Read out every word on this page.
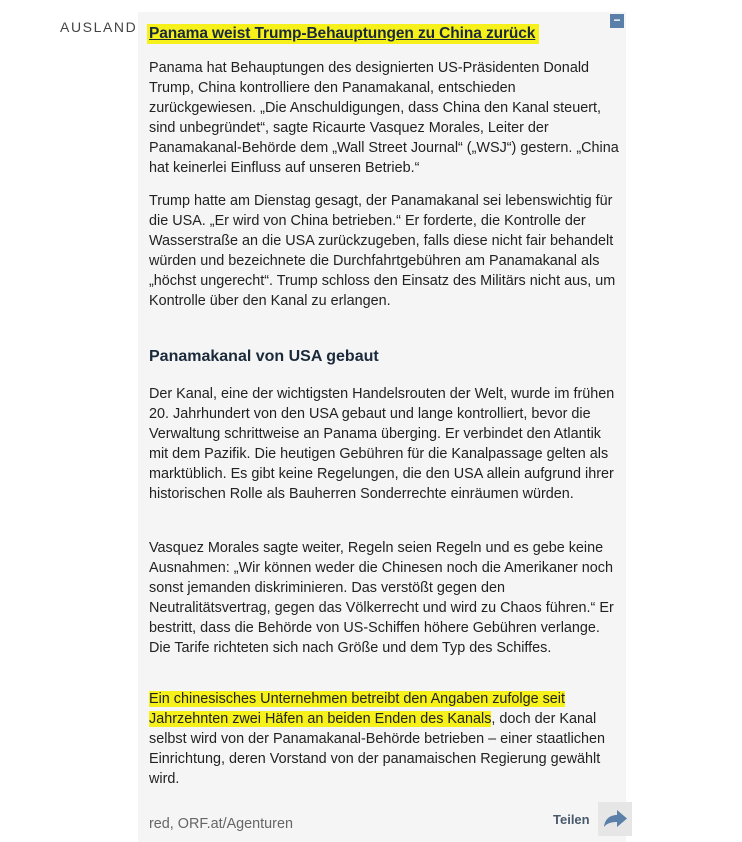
AUSLAND	−
Panama weist Trump-Behauptungen zu China zurück

Panama hat Behauptungen des designierten US-Präsidenten Donald Trump, China kontrolliere den Panamakanal, entschieden zurückgewiesen. „Die Anschuldigungen, dass China den Kanal steuert, sind unbegründet“, sagte Ricaurte Vasquez Morales, Leiter der Panamakanal-Behörde dem „Wall Street Journal“ („WSJ“) gestern. „China hat keinerlei Einfluss auf unseren Betrieb.“

Trump hatte am Dienstag gesagt, der Panamakanal sei lebenswichtig für die USA. „Er wird von China betrieben.“ Er forderte, die Kontrolle der Wasserstraße an die USA zurückzugeben, falls diese nicht fair behandelt würden und bezeichnete die Durchfahrtgebühren am Panamakanal als „höchst ungerecht“. Trump schloss den Einsatz des Militärs nicht aus, um Kontrolle über den Kanal zu erlangen.

Panamakanal von USA gebaut

Der Kanal, eine der wichtigsten Handelsrouten der Welt, wurde im frühen 20. Jahrhundert von den USA gebaut und lange kontrolliert, bevor die Verwaltung schrittweise an Panama überging. Er verbindet den Atlantik mit dem Pazifik. Die heutigen Gebühren für die Kanalpassage gelten als marktüblich. Es gibt keine Regelungen, die den USA allein aufgrund ihrer historischen Rolle als Bauherren Sonderrechte einräumen würden.

Vasquez Morales sagte weiter, Regeln seien Regeln und es gebe keine Ausnahmen: „Wir können weder die Chinesen noch die Amerikaner noch sonst jemanden diskriminieren. Das verstößt gegen den Neutralitätsvertrag, gegen das Völkerrecht und wird zu Chaos führen.“ Er bestritt, dass die Behörde von US-Schiffen höhere Gebühren verlange. Die Tarife richteten sich nach Größe und dem Typ des Schiffes.

Ein chinesisches Unternehmen betreibt den Angaben zufolge seit Jahrzehnten zwei Häfen an beiden Enden des Kanals, doch der Kanal selbst wird von der Panamakanal-Behörde betrieben – einer staatlichen Einrichtung, deren Vorstand von der panamaischen Regierung gewählt wird.

red, ORF.at/Agenturen	Teilen
